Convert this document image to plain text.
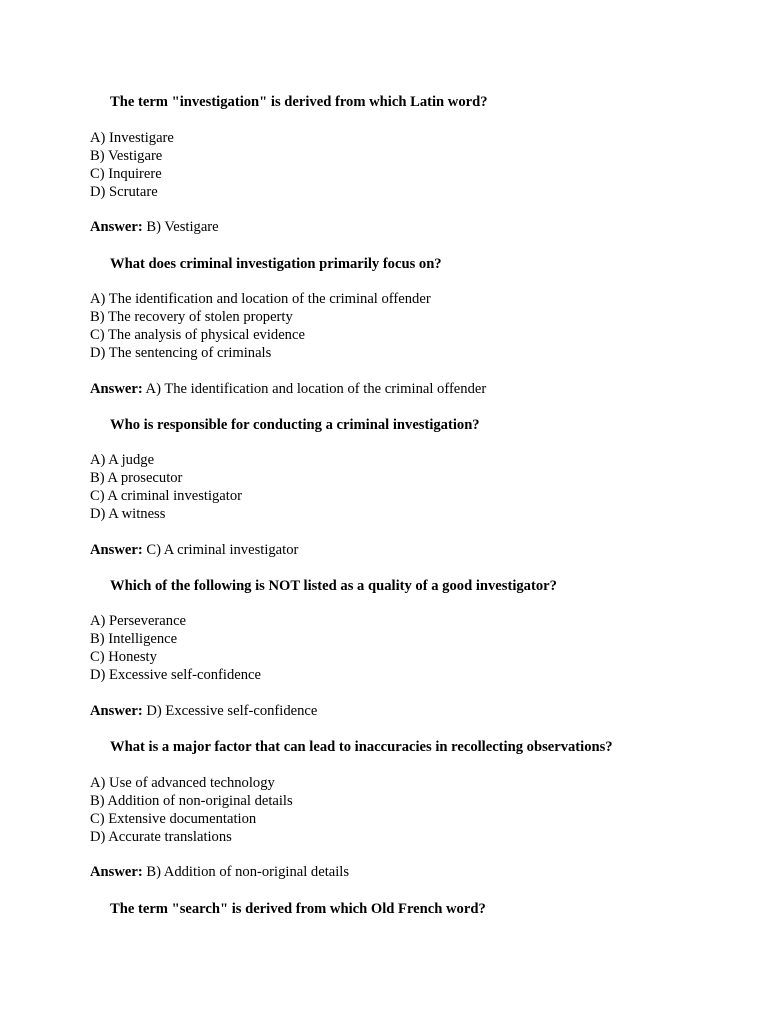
The term "investigation" is derived from which Latin word?
A) Investigare
B) Vestigare
C) Inquirere
D) Scrutare
Answer: B) Vestigare
What does criminal investigation primarily focus on?
A) The identification and location of the criminal offender
B) The recovery of stolen property
C) The analysis of physical evidence
D) The sentencing of criminals
Answer: A) The identification and location of the criminal offender
Who is responsible for conducting a criminal investigation?
A) A judge
B) A prosecutor
C) A criminal investigator
D) A witness
Answer: C) A criminal investigator
Which of the following is NOT listed as a quality of a good investigator?
A) Perseverance
B) Intelligence
C) Honesty
D) Excessive self-confidence
Answer: D) Excessive self-confidence
What is a major factor that can lead to inaccuracies in recollecting observations?
A) Use of advanced technology
B) Addition of non-original details
C) Extensive documentation
D) Accurate translations
Answer: B) Addition of non-original details
The term "search" is derived from which Old French word?
